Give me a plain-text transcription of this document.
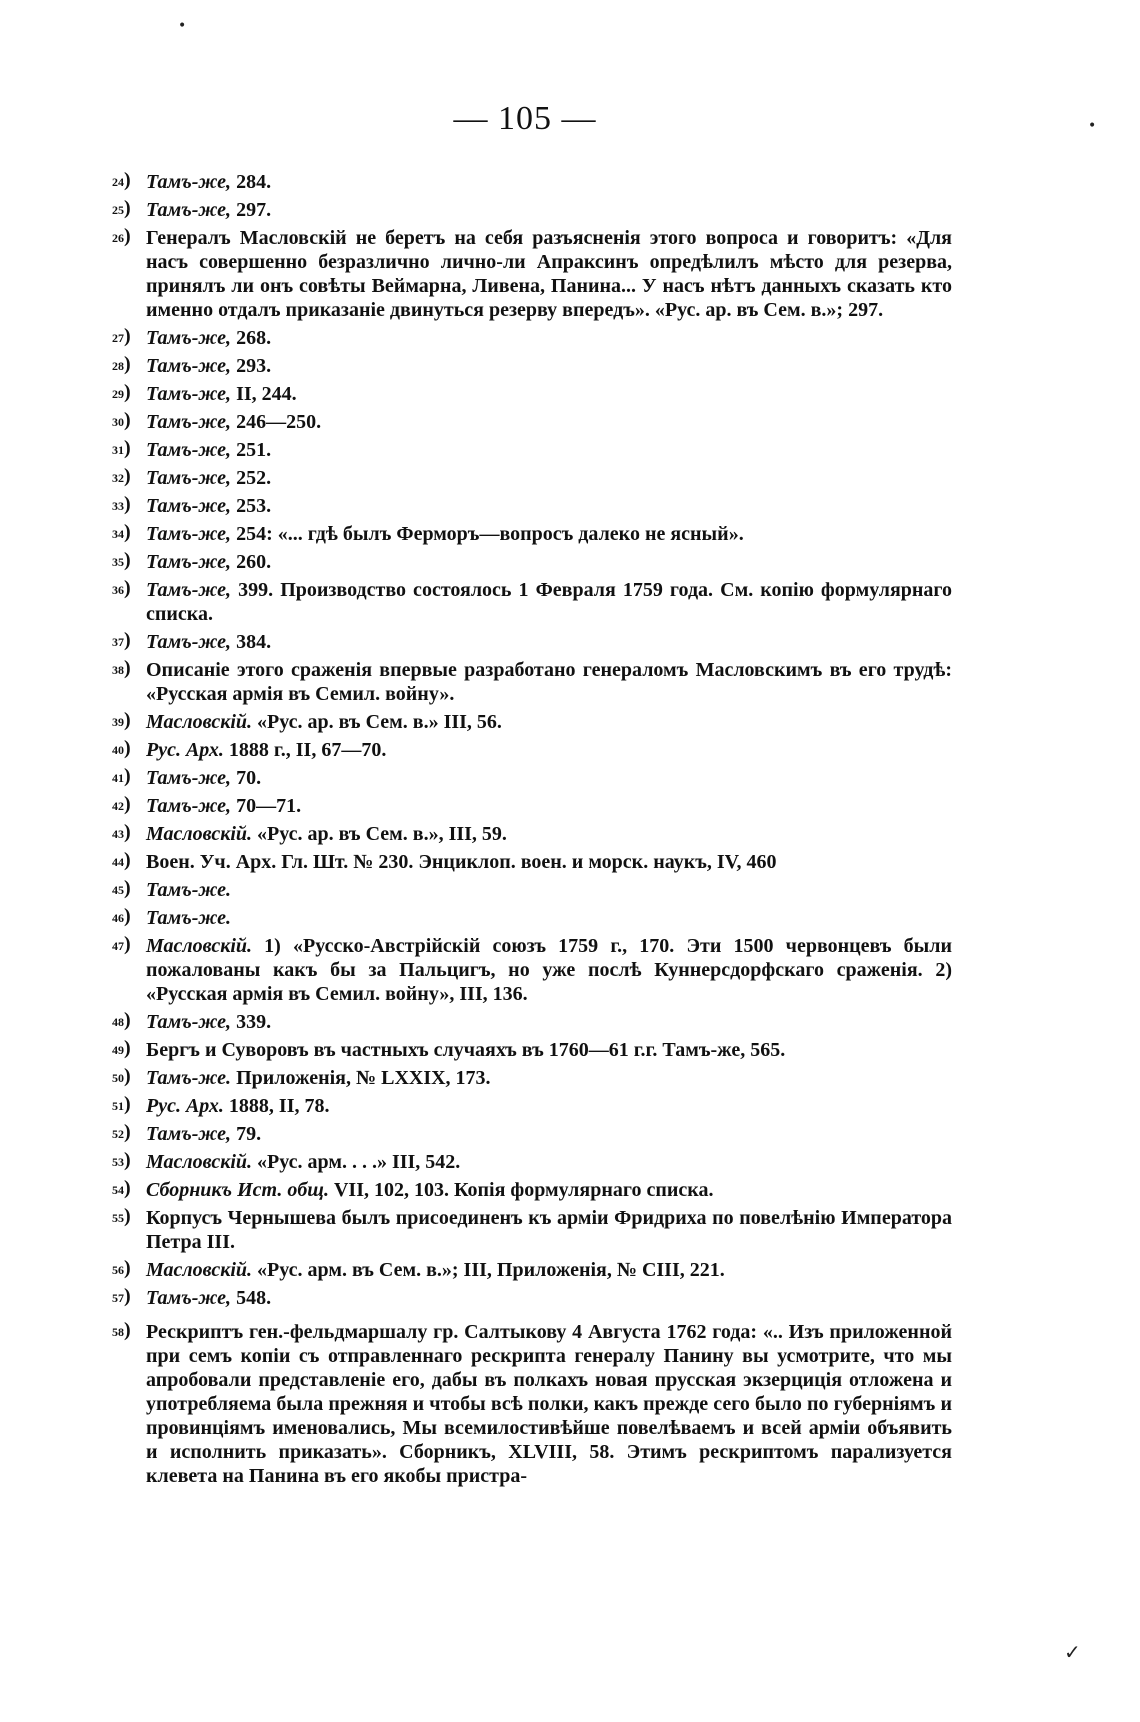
— 105 —
24) Тамъ-же, 284.
25) Тамъ-же, 297.
26) Генералъ Масловскій не беретъ на себя разъясненія этого вопроса и говоритъ: «Для насъ совершенно безразлично лично-ли Апраксинъ опредѣлилъ мѣсто для резерва, принялъ ли онъ совѣты Веймарна, Ливена, Панина... У насъ нѣтъ данныхъ сказать кто именно отдалъ приказаніе двинуться резерву впередъ». «Рус. ар. въ Сем. в.»; 297.
27) Тамъ-же, 268.
28) Тамъ-же, 293.
29) Тамъ-же, II, 244.
30) Тамъ-же, 246—250.
31) Тамъ-же, 251.
32) Тамъ-же, 252.
33) Тамъ-же, 253.
34) Тамъ-же, 254: «... гдѣ былъ Ферморъ—вопросъ далеко не ясный».
35) Тамъ-же, 260.
36) Тамъ-же, 399. Производство состоялось 1 Февраля 1759 года. См. копію формулярнаго списка.
37) Тамъ-же, 384.
38) Описаніе этого сраженія впервые разработано генераломъ Масловскимъ въ его трудѣ: «Русская армія въ Семил. войну».
39) Масловскій. «Рус. ар. въ Сем. в.» III, 56.
40) Рус. Арх. 1888 г., II, 67—70.
41) Тамъ-же, 70.
42) Тамъ-же, 70—71.
43) Масловскій. «Рус. ар. въ Сем. в.», III, 59.
44) Воен. Уч. Арх. Гл. Шт. № 230. Энциклоп. воен. и морск. наукъ, IV, 460
45) Тамъ-же.
46) Тамъ-же.
47) Масловскій. 1) «Русско-Австрійскій союзъ 1759 г., 170. Эти 1500 червонцевъ были пожалованы какъ бы за Пальцигъ, но уже послѣ Куннерсдорфскаго сраженія. 2) «Русская армія въ Семил. войну», III, 136.
48) Тамъ-же, 339.
49) Бергъ и Суворовъ въ частныхъ случаяхъ въ 1760—61 г.г. Тамъ-же, 565.
50) Тамъ-же. Приложенія, № LXXIX, 173.
51) Рус. Арх. 1888, II, 78.
52) Тамъ-же, 79.
53) Масловскій. «Рус. арм. . . .» III, 542.
54) Сборникъ Ист. общ. VII, 102, 103. Копія формулярнаго списка.
55) Корпусъ Чернышева былъ присоединенъ къ арміи Фридриха по повелѣнію Императора Петра III.
56) Масловскій. «Рус. арм. въ Сем. в.»; III, Приложенія, № CIII, 221.
57) Тамъ-же, 548.
58) Рескриптъ ген.-фельдмаршалу гр. Салтыкову 4 Августа 1762 года: «.. Изъ приложенной при семъ копіи съ отправленнаго рескрипта генералу Панину вы усмотрите, что мы апробовали представленіе его, дабы въ полкахъ новая прусская экзерциція отложена и употребляема была прежняя и чтобы всѣ полки, какъ прежде сего было по губерніямъ и провинціямъ именовались, Мы всемилостивѣйше повелѣваемъ и всей арміи объявить и исполнить приказать». Сборникъ, XLVIII, 58. Этимъ рескриптомъ парализуется клевета на Панина въ его якобы пристра-
•
•
✓
